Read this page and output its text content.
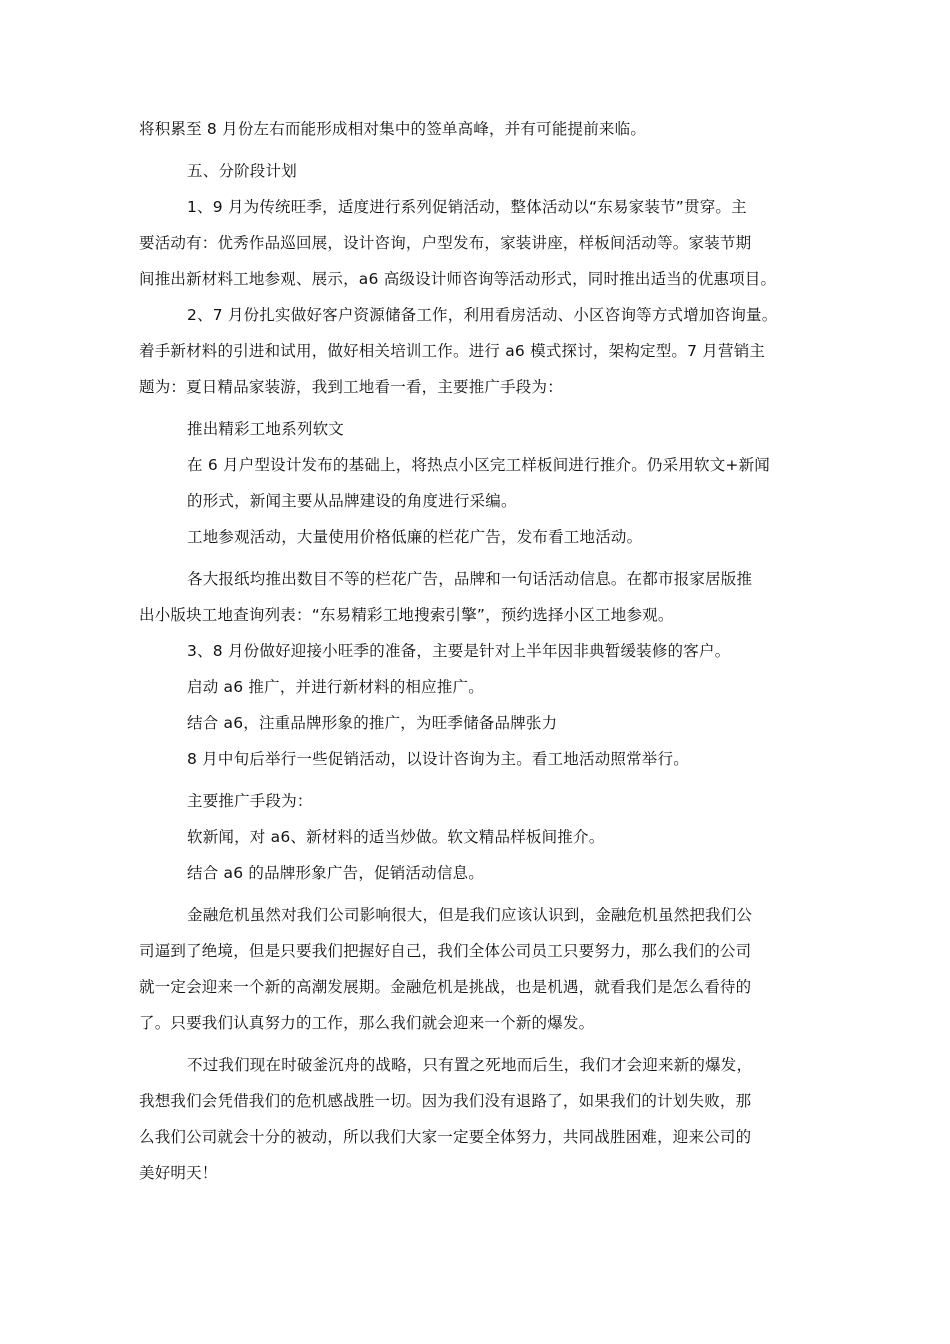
将积累至 8 月份左右而能形成相对集中的签单高峰，并有可能提前来临。

五、分阶段计划

1、9 月为传统旺季，适度进行系列促销活动，整体活动以“东易家装节”贯穿。主

要活动有：优秀作品巡回展，设计咨询，户型发布，家装讲座，样板间活动等。家装节期

间推出新材料工地参观、展示，a6 高级设计师咨询等活动形式，同时推出适当的优惠项目。

2、7 月份扎实做好客户资源储备工作，利用看房活动、小区咨询等方式增加咨询量。

着手新材料的引进和试用，做好相关培训工作。进行 a6 模式探讨，架构定型。7 月营销主

题为：夏日精品家装游，我到工地看一看，主要推广手段为：

推出精彩工地系列软文

在 6 月户型设计发布的基础上，将热点小区完工样板间进行推介。仍采用软文+新闻

的形式，新闻主要从品牌建设的角度进行采编。

工地参观活动，大量使用价格低廉的栏花广告，发布看工地活动。

各大报纸均推出数目不等的栏花广告，品牌和一句话活动信息。在都市报家居版推

出小版块工地查询列表：“东易精彩工地搜索引擎”，预约选择小区工地参观。

3、8 月份做好迎接小旺季的准备，主要是针对上半年因非典暂缓装修的客户。

启动 a6 推广，并进行新材料的相应推广。

结合 a6，注重品牌形象的推广，为旺季储备品牌张力

8 月中旬后举行一些促销活动，以设计咨询为主。看工地活动照常举行。

主要推广手段为：

软新闻，对 a6、新材料的适当炒做。软文精品样板间推介。

结合 a6 的品牌形象广告，促销活动信息。

金融危机虽然对我们公司影响很大，但是我们应该认识到，金融危机虽然把我们公

司逼到了绝境，但是只要我们把握好自己，我们全体公司员工只要努力，那么我们的公司

就一定会迎来一个新的高潮发展期。金融危机是挑战，也是机遇，就看我们是怎么看待的

了。只要我们认真努力的工作，那么我们就会迎来一个新的爆发。

不过我们现在时破釜沉舟的战略，只有置之死地而后生，我们才会迎来新的爆发，

我想我们会凭借我们的危机感战胜一切。因为我们没有退路了，如果我们的计划失败，那

么我们公司就会十分的被动，所以我们大家一定要全体努力，共同战胜困难，迎来公司的

美好明天！
